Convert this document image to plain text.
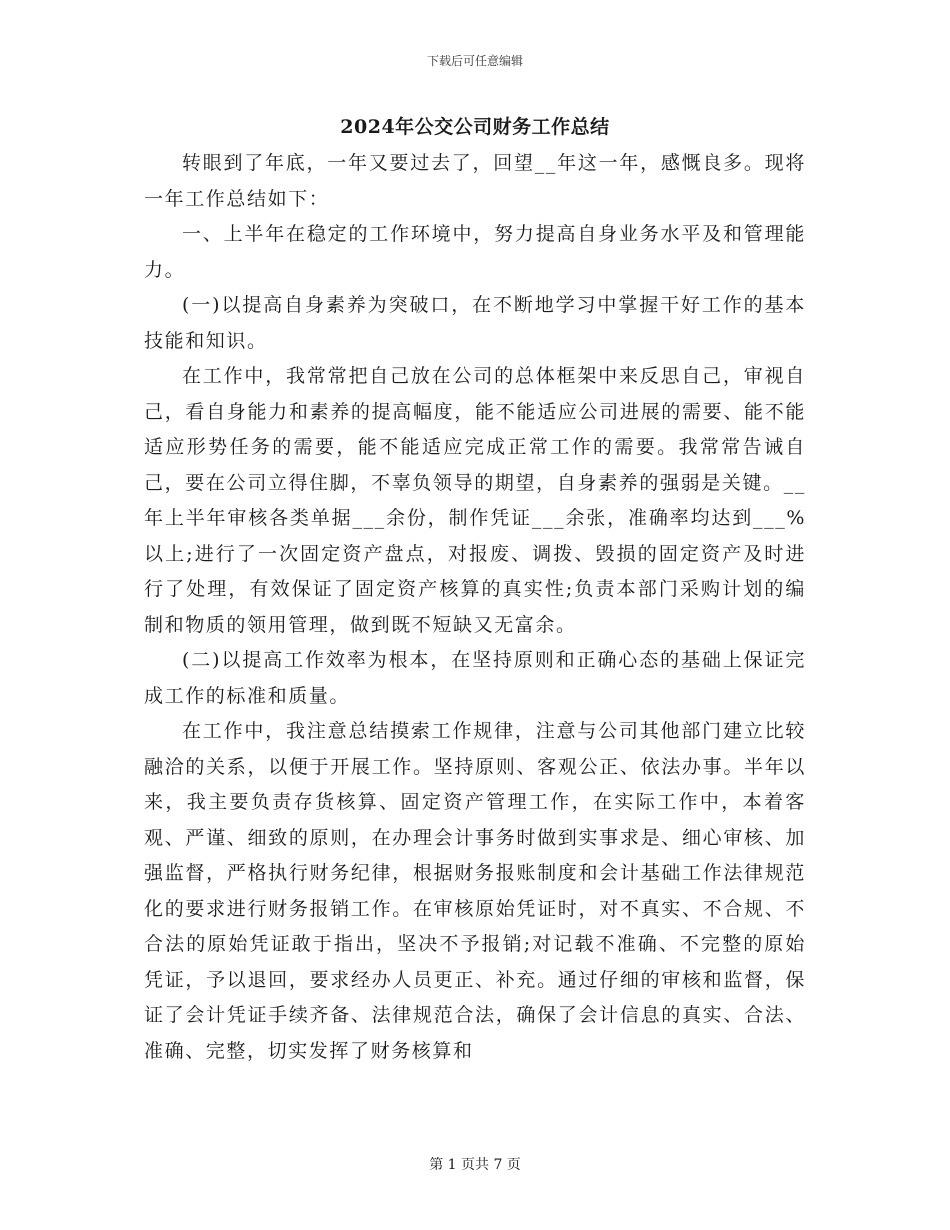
下载后可任意编辑
2024年公交公司财务工作总结

转眼到了年底，一年又要过去了，回望__年这一年，感慨良多。现将一年工作总结如下：

一、上半年在稳定的工作环境中，努力提高自身业务水平及和管理能力。

(一)以提高自身素养为突破口，在不断地学习中掌握干好工作的基本技能和知识。

在工作中，我常常把自己放在公司的总体框架中来反思自己，审视自己，看自身能力和素养的提高幅度，能不能适应公司进展的需要、能不能适应形势任务的需要，能不能适应完成正常工作的需要。我常常告诫自己，要在公司立得住脚，不辜负领导的期望，自身素养的强弱是关键。__年上半年审核各类单据___余份，制作凭证___余张，准确率均达到___%以上;进行了一次固定资产盘点，对报废、调拨、毁损的固定资产及时进行了处理，有效保证了固定资产核算的真实性;负责本部门采购计划的编制和物质的领用管理，做到既不短缺又无富余。

(二)以提高工作效率为根本，在坚持原则和正确心态的基础上保证完成工作的标准和质量。

在工作中，我注意总结摸索工作规律，注意与公司其他部门建立比较融洽的关系，以便于开展工作。坚持原则、客观公正、依法办事。半年以来，我主要负责存货核算、固定资产管理工作，在实际工作中，本着客观、严谨、细致的原则，在办理会计事务时做到实事求是、细心审核、加强监督，严格执行财务纪律，根据财务报账制度和会计基础工作法律规范化的要求进行财务报销工作。在审核原始凭证时，对不真实、不合规、不合法的原始凭证敢于指出，坚决不予报销;对记载不准确、不完整的原始凭证，予以退回，要求经办人员更正、补充。通过仔细的审核和监督，保证了会计凭证手续齐备、法律规范合法，确保了会计信息的真实、合法、准确、完整，切实发挥了财务核算和

第 1 页共 7 页
